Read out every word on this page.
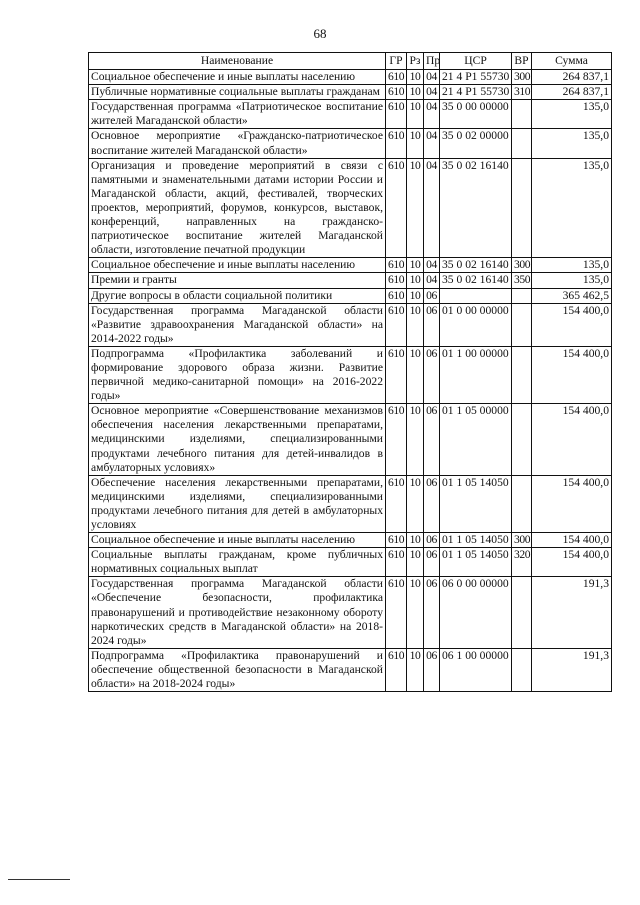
68
Наименование	ГР	Рз	Пр	ЦСР	ВР	Сумма
Социальное обеспечение и иные выплаты населению	610	10	04	21 4 P1 55730	300	264 837,1
Публичные нормативные социальные выплаты гражданам	610	10	04	21 4 P1 55730	310	264 837,1
Государственная программа «Патриотическое воспитание жителей Магаданской области»	610	10	04	35 0 00 00000		135,0
Основное мероприятие «Гражданско-патриотическое воспитание жителей Магаданской области»	610	10	04	35 0 02 00000		135,0
Организация и проведение мероприятий в связи с памятными и знаменательными датами истории России и Магаданской области, акций, фестивалей, творческих проектов, мероприятий, форумов, конкурсов, выставок, конференций, направленных на гражданско-патриотическое воспитание жителей Магаданской области, изготовление печатной продукции	610	10	04	35 0 02 16140		135,0
Социальное обеспечение и иные выплаты населению	610	10	04	35 0 02 16140	300	135,0
Премии и гранты	610	10	04	35 0 02 16140	350	135,0
Другие вопросы в области социальной политики	610	10	06			365 462,5
Государственная программа Магаданской области «Развитие здравоохранения Магаданской области» на 2014-2022 годы»	610	10	06	01 0 00 00000		154 400,0
Подпрограмма «Профилактика заболеваний и формирование здорового образа жизни. Развитие первичной медико-санитарной помощи» на 2016-2022 годы»	610	10	06	01 1 00 00000		154 400,0
Основное мероприятие «Совершенствование механизмов обеспечения населения лекарственными препаратами, медицинскими изделиями, специализированными продуктами лечебного питания для детей-инвалидов в амбулаторных условиях»	610	10	06	01 1 05 00000		154 400,0
Обеспечение населения лекарственными препаратами, медицинскими изделиями, специализированными продуктами лечебного питания для детей в амбулаторных условиях	610	10	06	01 1 05 14050		154 400,0
Социальное обеспечение и иные выплаты населению	610	10	06	01 1 05 14050	300	154 400,0
Социальные выплаты гражданам, кроме публичных нормативных социальных выплат	610	10	06	01 1 05 14050	320	154 400,0
Государственная программа Магаданской области «Обеспечение безопасности, профилактика правонарушений и противодействие незаконному обороту наркотических средств в Магаданской области» на 2018-2024 годы»	610	10	06	06 0 00 00000		191,3
Подпрограмма «Профилактика правонарушений и обеспечение общественной безопасности в Магаданской области» на 2018-2024 годы»	610	10	06	06 1 00 00000		191,3
